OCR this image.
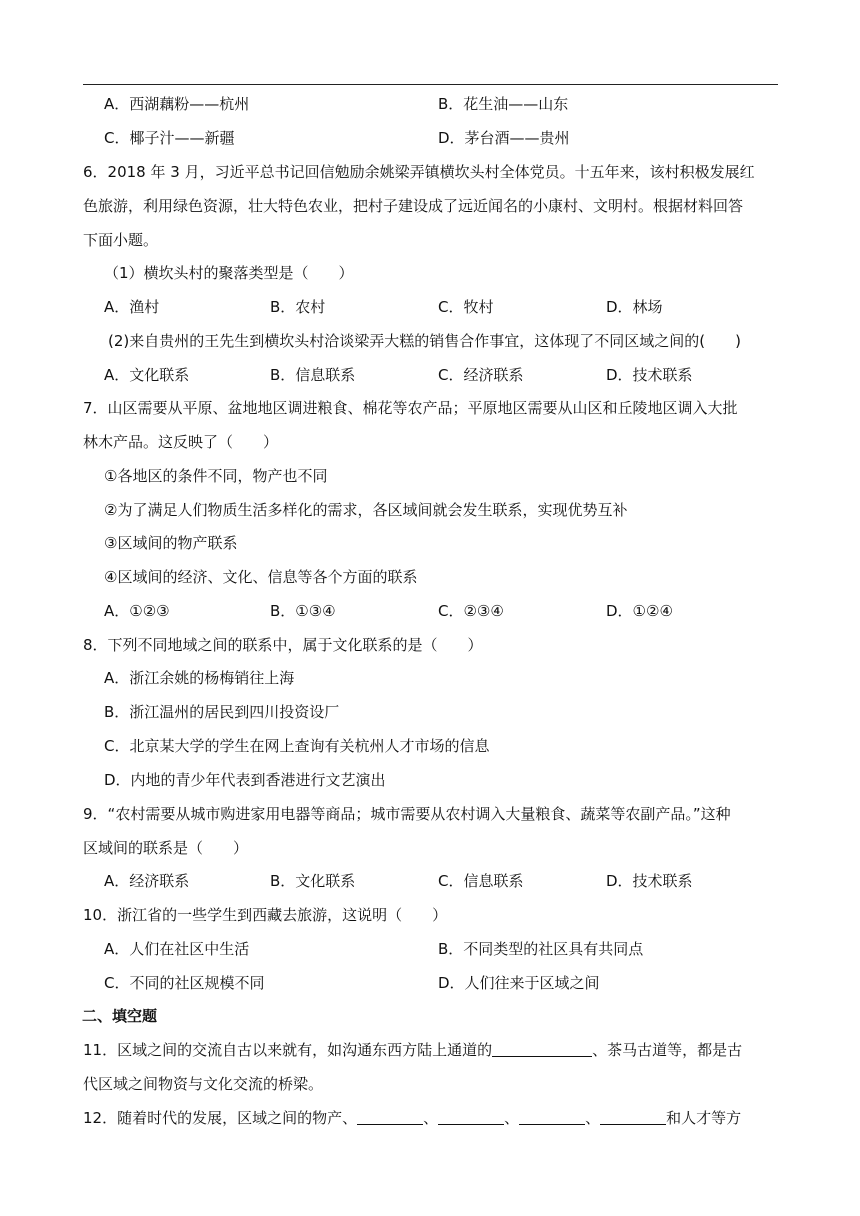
A．西湖藕粉——杭州	B．花生油——山东
C．椰子汁——新疆	D．茅台酒——贵州
6．2018 年 3 月，习近平总书记回信勉励余姚梁弄镇横坎头村全体党员。十五年来，该村积极发展红
色旅游，利用绿色资源，壮大特色农业，把村子建设成了远近闻名的小康村、文明村。根据材料回答
下面小题。
（1）横坎头村的聚落类型是（　　）
A．渔村	B．农村	C．牧村	D．林场
(2)来自贵州的王先生到横坎头村洽谈梁弄大糕的销售合作事宜，这体现了不同区域之间的(　　)
A．文化联系	B．信息联系	C．经济联系	D．技术联系
7．山区需要从平原、盆地地区调进粮食、棉花等农产品；平原地区需要从山区和丘陵地区调入大批
林木产品。这反映了（　　）
①各地区的条件不同，物产也不同
②为了满足人们物质生活多样化的需求，各区域间就会发生联系，实现优势互补
③区域间的物产联系
④区域间的经济、文化、信息等各个方面的联系
A．①②③	B．①③④	C．②③④	D．①②④
8．下列不同地域之间的联系中，属于文化联系的是（　　）
A．浙江余姚的杨梅销往上海
B．浙江温州的居民到四川投资设厂
C．北京某大学的学生在网上查询有关杭州人才市场的信息
D．内地的青少年代表到香港进行文艺演出
9．“农村需要从城市购进家用电器等商品；城市需要从农村调入大量粮食、蔬菜等农副产品。”这种
区域间的联系是（　　）
A．经济联系	B．文化联系	C．信息联系	D．技术联系
10．浙江省的一些学生到西藏去旅游，这说明（　　）
A．人们在社区中生活	B．不同类型的社区具有共同点
C．不同的社区规模不同	D．人们往来于区域之间
二、填空题
11．区域之间的交流自古以来就有，如沟通东西方陆上通道的	、茶马古道等，都是古
代区域之间物资与文化交流的桥梁。
12．随着时代的发展，区域之间的物产、	、	、	、	和人才等方
